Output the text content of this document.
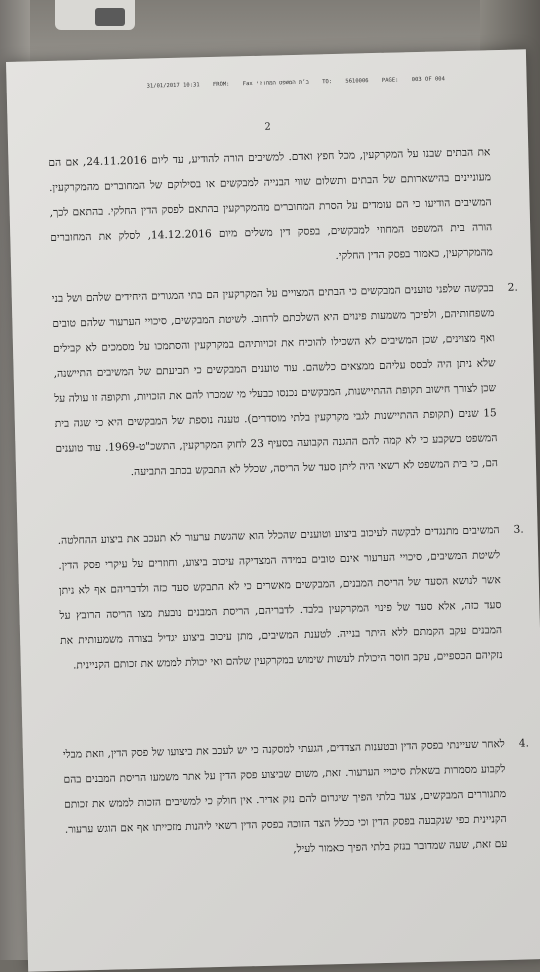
31/01/2017 10:31 FROM: Fax ב׳ת המשפט המחוזי TO: 5610006 PAGE: 003 OF 004
2

את הבתים שבנו על המקרקעין, מכל חפץ ואדם. למשיבים הורה להודיע, עד ליום 24.11.2016, אם הם מעוניינים בהישארותם של הבתים ותשלום שווי הבנייה למבקשים או בסילוקם של המחוברים מהמקרקעין. המשיבים הודיעו כי הם עומדים על הסרת המחוברים מהמקרקעין בהתאם לפסק הדין החלקי. בהתאם לכך, הורה בית המשפט המחוזי למבקשים, בפסק דין משלים מיום 14.12.2016, לסלק את המחוברים מהמקרקעין, כאמור בפסק הדין החלקי.

.2

בבקשה שלפני טוענים המבקשים כי הבתים המצויים על המקרקעין הם בתי המגורים היחידים שלהם ושל בני משפחותיהם, ולפיכך משמעות פינוים היא השלכתם לרחוב. לשיטת המבקשים, סיכויי הערעור שלהם טובים ואף מצוינים, שכן המשיבים לא השכילו להוכיח את זכויותיהם במקרקעין והסתמכו על מסמכים לא קבילים שלא ניתן היה לבסס עליהם ממצאים כלשהם. עוד טוענים המבקשים כי תביעתם של המשיבים התיישנה, שכן לצורך חישוב תקופת ההתיישנות, המבקשים נכנסו כבעלי מי שמכרו להם את הזכויות, ותקופה זו עולה על 15 שנים (תקופת ההתיישנות לגבי מקרקעין בלתי מוסדרים). טענה נוספת של המבקשים היא כי שגה בית המשפט כשקבע כי לא קמה להם ההגנה הקבועה בסעיף 23 לחוק המקרקעין, התשכ"ט-1969. עוד טוענים הם, כי בית המשפט לא רשאי היה ליתן סעד של הריסה, שכלל לא התבקש בכתב התביעה.

.3

המשיבים מתנגדים לבקשה לעיכוב ביצוע וטוענים שהכלל הוא שהגשת ערעור לא תעכב את ביצוע ההחלטה. לשיטת המשיבים, סיכויי הערעור אינם טובים במידה המצדיקה עיכוב ביצוע, וחוזרים על עיקרי פסק הדין. אשר לנושא הסעד של הריסת המבנים, המבקשים מאשרים כי לא התבקש סעד כזה ולדבריהם אף לא ניתן סעד כזה, אלא סעד של פינוי המקרקעין בלבד. לדבריהם, הריסת המבנים נובעת מצו הריסה הרובץ על המבנים עקב הקמתם ללא היתר בנייה. לטענת המשיבים, מתן עיכוב ביצוע יגדיל בצורה משמעותית את נזקיהם הכספיים, עקב חוסר היכולת לעשות שימוש במקרקעין שלהם ואי יכולת לממש את זכותם הקניינית.

.4

לאחר שעיינתי בפסק הדין ובטענות הצדדים, הגעתי למסקנה כי יש לעכב את ביצועו של פסק הדין, וזאת מבלי לקבוע מסמרות בשאלת סיכויי הערעור. זאת, משום שביצוע פסק הדין על אתר משמעו הריסת המבנים בהם מתגוררים המבקשים, צעד בלתי הפיך שיגרום להם נזק אדיר. אין חולק כי למשיבים הזכות לממש את זכותם הקניינית כפי שנקבעה בפסק הדין וכי ככלל הצד הזוכה בפסק הדין רשאי ליהנות מזכייתו אף אם הוגש ערעור. עם זאת, שעה שמדובר בנזק בלתי הפיך כאמור לעיל,
